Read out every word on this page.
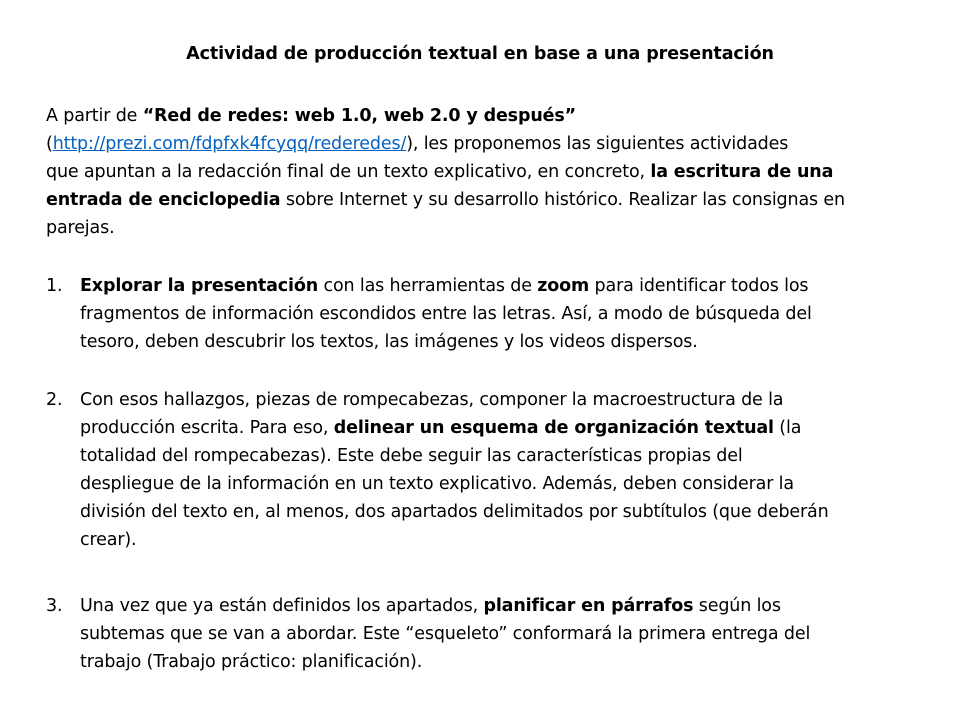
Actividad de producción textual en base a una presentación
A partir de “Red de redes: web 1.0, web 2.0 y después”
(http://prezi.com/fdpfxk4fcyqq/rederedes/), les proponemos las siguientes actividades
que apuntan a la redacción final de un texto explicativo, en concreto, la escritura de una
entrada de enciclopedia sobre Internet y su desarrollo histórico. Realizar las consignas en
parejas.
1.	Explorar la presentación con las herramientas de zoom para identificar todos los
fragmentos de información escondidos entre las letras. Así, a modo de búsqueda del
tesoro, deben descubrir los textos, las imágenes y los videos dispersos.
2.	Con esos hallazgos, piezas de rompecabezas, componer la macroestructura de la
producción escrita. Para eso, delinear un esquema de organización textual (la
totalidad del rompecabezas). Este debe seguir las características propias del
despliegue de la información en un texto explicativo. Además, deben considerar la
división del texto en, al menos, dos apartados delimitados por subtítulos (que deberán
crear).
3.	Una vez que ya están definidos los apartados, planificar en párrafos según los
subtemas que se van a abordar. Este “esqueleto” conformará la primera entrega del
trabajo (Trabajo práctico: planificación).
